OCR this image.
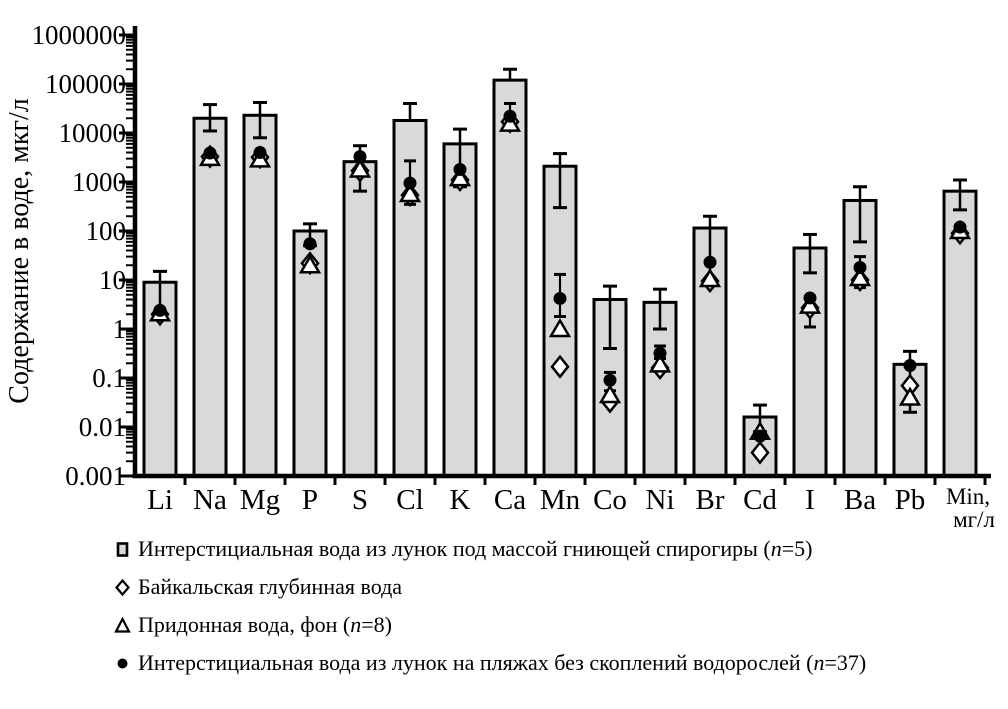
1000000
100000
10000
1000
100
10
1
0.1
0.01
0.001
Li Na Mg P S Cl K Ca Mn Co Ni Br Cd I Ba Pb Min,
мг/л
Содержание в воде, мкг/л
Интерстициальная вода из лунок под массой гниющей спирогиры (n=5)
Байкальская глубинная вода
Придонная вода, фон (n=8)
Интерстициальная вода из лунок на пляжах без скоплений водорослей (n=37)
